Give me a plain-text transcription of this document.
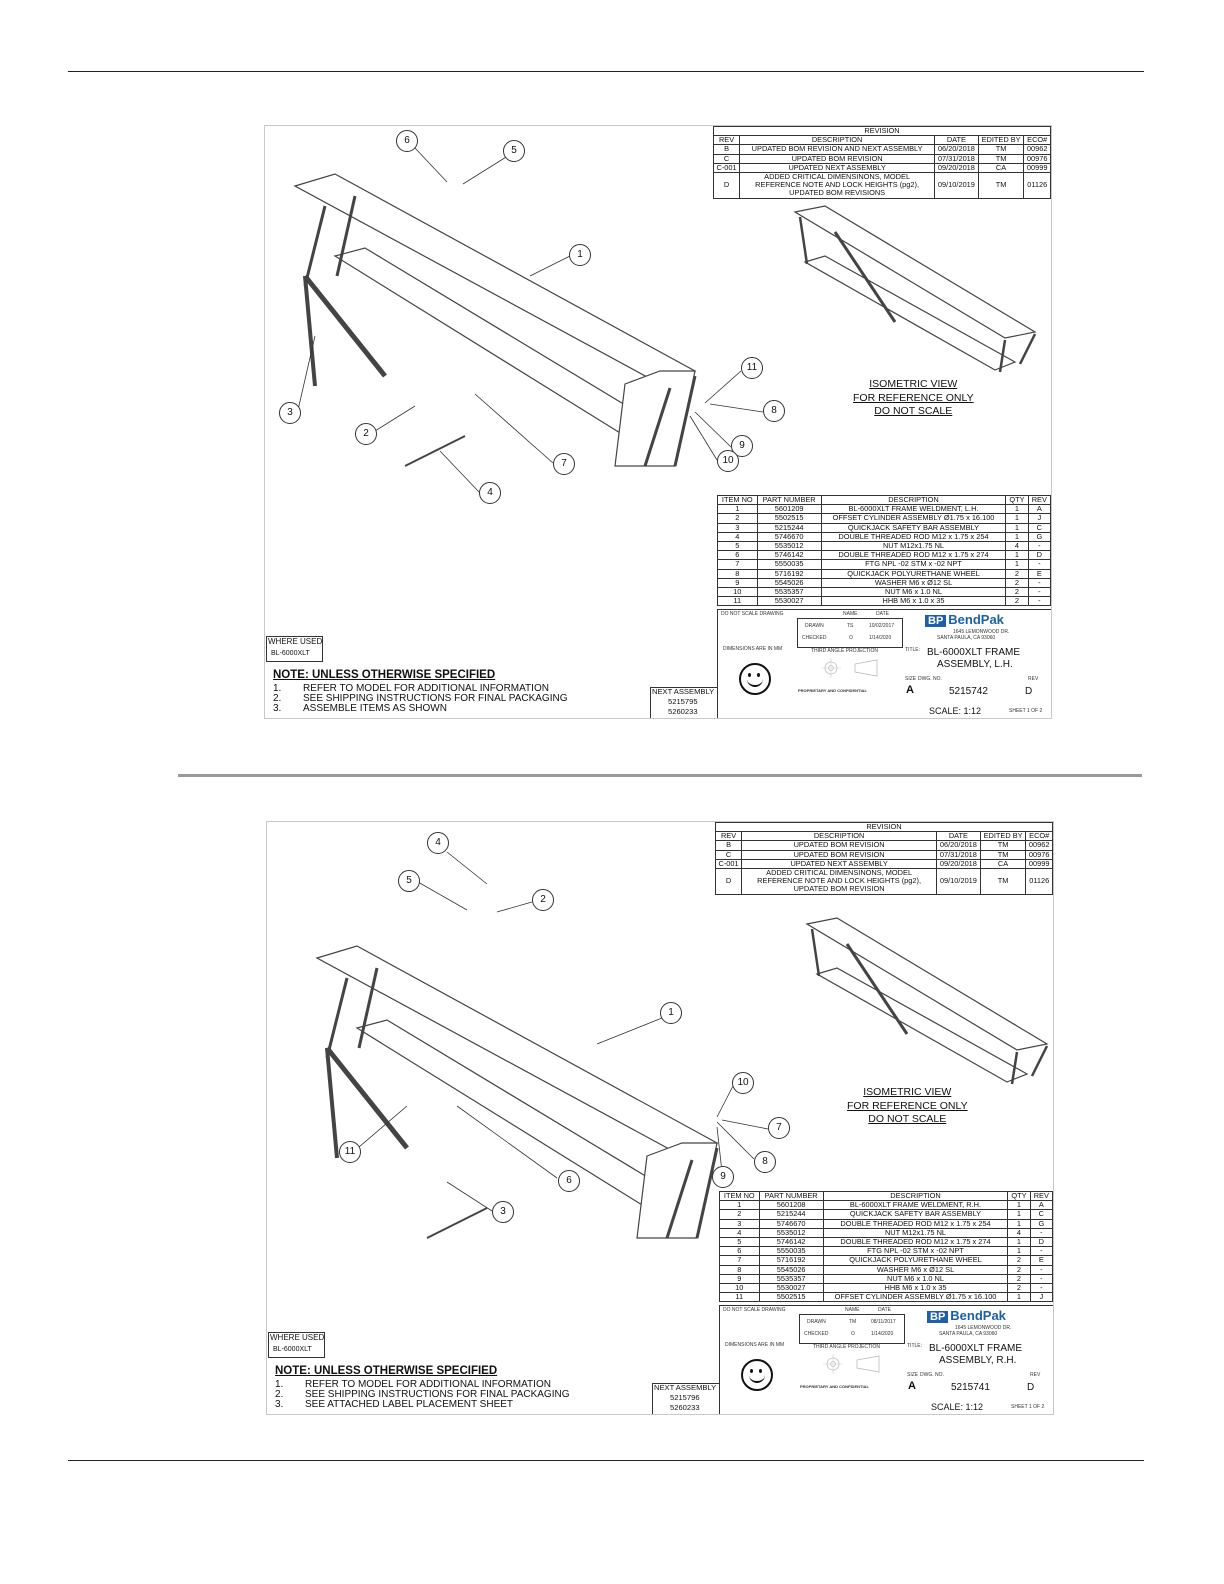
REVISION				
REV	DESCRIPTION	DATE	EDITED BY	ECO#
B	UPDATED BOM REVISION AND NEXT ASSEMBLY	06/20/2018	TM	00962
C	UPDATED BOM REVISION	07/31/2018	TM	00976
C-001	UPDATED NEXT ASSEMBLY	09/20/2018	CA	00999
D	ADDED CRITICAL DIMENSINONS, MODEL REFERENCE NOTE AND LOCK HEIGHTS (pg2), UPDATED BOM REVISIONS	09/10/2019	TM	01126
ISOMETRIC VIEW
FOR REFERENCE ONLY
DO NOT SCALE
ITEM NO	PART NUMBER	DESCRIPTION	QTY	REV
1	5601209	BL-6000XLT FRAME WELDMENT, L.H.	1	A
2	5502515	OFFSET CYLINDER ASSEMBLY Ø1.75 x 16.100	1	J
3	5215244	QUICKJACK SAFETY BAR ASSEMBLY	1	C
4	5746670	DOUBLE THREADED ROD M12 x 1.75 x 254	1	G
5	5535012	NUT M12x1.75 NL	4	-
6	5746142	DOUBLE THREADED ROD M12 x 1.75 x 274	1	D
7	5550035	FTG NPL -02 STM x -02 NPT	1	-
8	5716192	QUICKJACK POLYURETHANE WHEEL	2	E
9	5545026	WASHER M6 x Ø12 SL	2	-
10	5535357	NUT M6 x 1.0 NL	2	-
11	5530027	HHB M6 x 1.0 x 35	2	-
DO NOT SCALE DRAWING	NAME	DATE
DRAWN	TS	10/02/2017
CHECKED	O	1/14/2020
DIMENSIONS ARE IN MM	THIRD ANGLE PROJECTION
PROPRIETARY AND CONFIDENTIAL
BP BendPak
1645 LEMONWOOD DR.
SANTA PAULA, CA 93060
TITLE: BL-6000XLT FRAME
ASSEMBLY, L.H.
SIZE
A
DWG. NO.
5215742
REV
D
SCALE: 1:12	SHEET 1 OF 2
WHERE USED
BL-6000XLT
NOTE: UNLESS OTHERWISE SPECIFIED
1. REFER TO MODEL FOR ADDITIONAL INFORMATION
2. SEE SHIPPING INSTRUCTIONS FOR FINAL PACKAGING
3. ASSEMBLE ITEMS AS SHOWN
NEXT ASSEMBLY
5215795
5260233
6
5
1
3
2
7
4
11
8
9
10
REVISION				
REV	DESCRIPTION	DATE	EDITED BY	ECO#
B	UPDATED BOM REVISION	06/20/2018	TM	00962
C	UPDATED BOM REVISION	07/31/2018	TM	00976
C-001	UPDATED NEXT ASSEMBLY	09/20/2018	CA	00999
D	ADDED CRITICAL DIMENSINONS, MODEL REFERENCE NOTE AND LOCK HEIGHTS (pg2), UPDATED BOM REVISION	09/10/2019	TM	01126
ISOMETRIC VIEW
FOR REFERENCE ONLY
DO NOT SCALE
ITEM NO	PART NUMBER	DESCRIPTION	QTY	REV
1	5601208	BL-6000XLT FRAME WELDMENT, R.H.	1	A
2	5215244	QUICKJACK SAFETY BAR ASSEMBLY	1	C
3	5746670	DOUBLE THREADED ROD M12 x 1.75 x 254	1	G
4	5535012	NUT M12x1.75 NL	4	-
5	5746142	DOUBLE THREADED ROD M12 x 1.75 x 274	1	D
6	5550035	FTG NPL -02 STM x -02 NPT	1	-
7	5716192	QUICKJACK POLYURETHANE WHEEL	2	E
8	5545026	WASHER M6 x Ø12 SL	2	-
9	5535357	NUT M6 x 1.0 NL	2	-
10	5530027	HHB M6 x 1.0 x 35	2	-
11	5502515	OFFSET CYLINDER ASSEMBLY Ø1.75 x 16.100	1	J
DO NOT SCALE DRAWING	NAME	DATE
DRAWN	TM	08/11/2017
CHECKED	O	1/14/2020
DIMENSIONS ARE IN MM	THIRD ANGLE PROJECTION
PROPRIETARY AND CONFIDENTIAL
BP BendPak
1645 LEMONWOOD DR.
SANTA PAULA, CA 93060
TITLE: BL-6000XLT FRAME
ASSEMBLY, R.H.
SIZE
A
DWG. NO.
5215741
REV
D
SCALE: 1:12	SHEET 1 OF 2
WHERE USED
BL-6000XLT
NOTE: UNLESS OTHERWISE SPECIFIED
1. REFER TO MODEL FOR ADDITIONAL INFORMATION
2. SEE SHIPPING INSTRUCTIONS FOR FINAL PACKAGING
3. SEE ATTACHED LABEL PLACEMENT SHEET
NEXT ASSEMBLY
5215796
5260233
4
5
2
1
11
6
3
10
7
8
9
